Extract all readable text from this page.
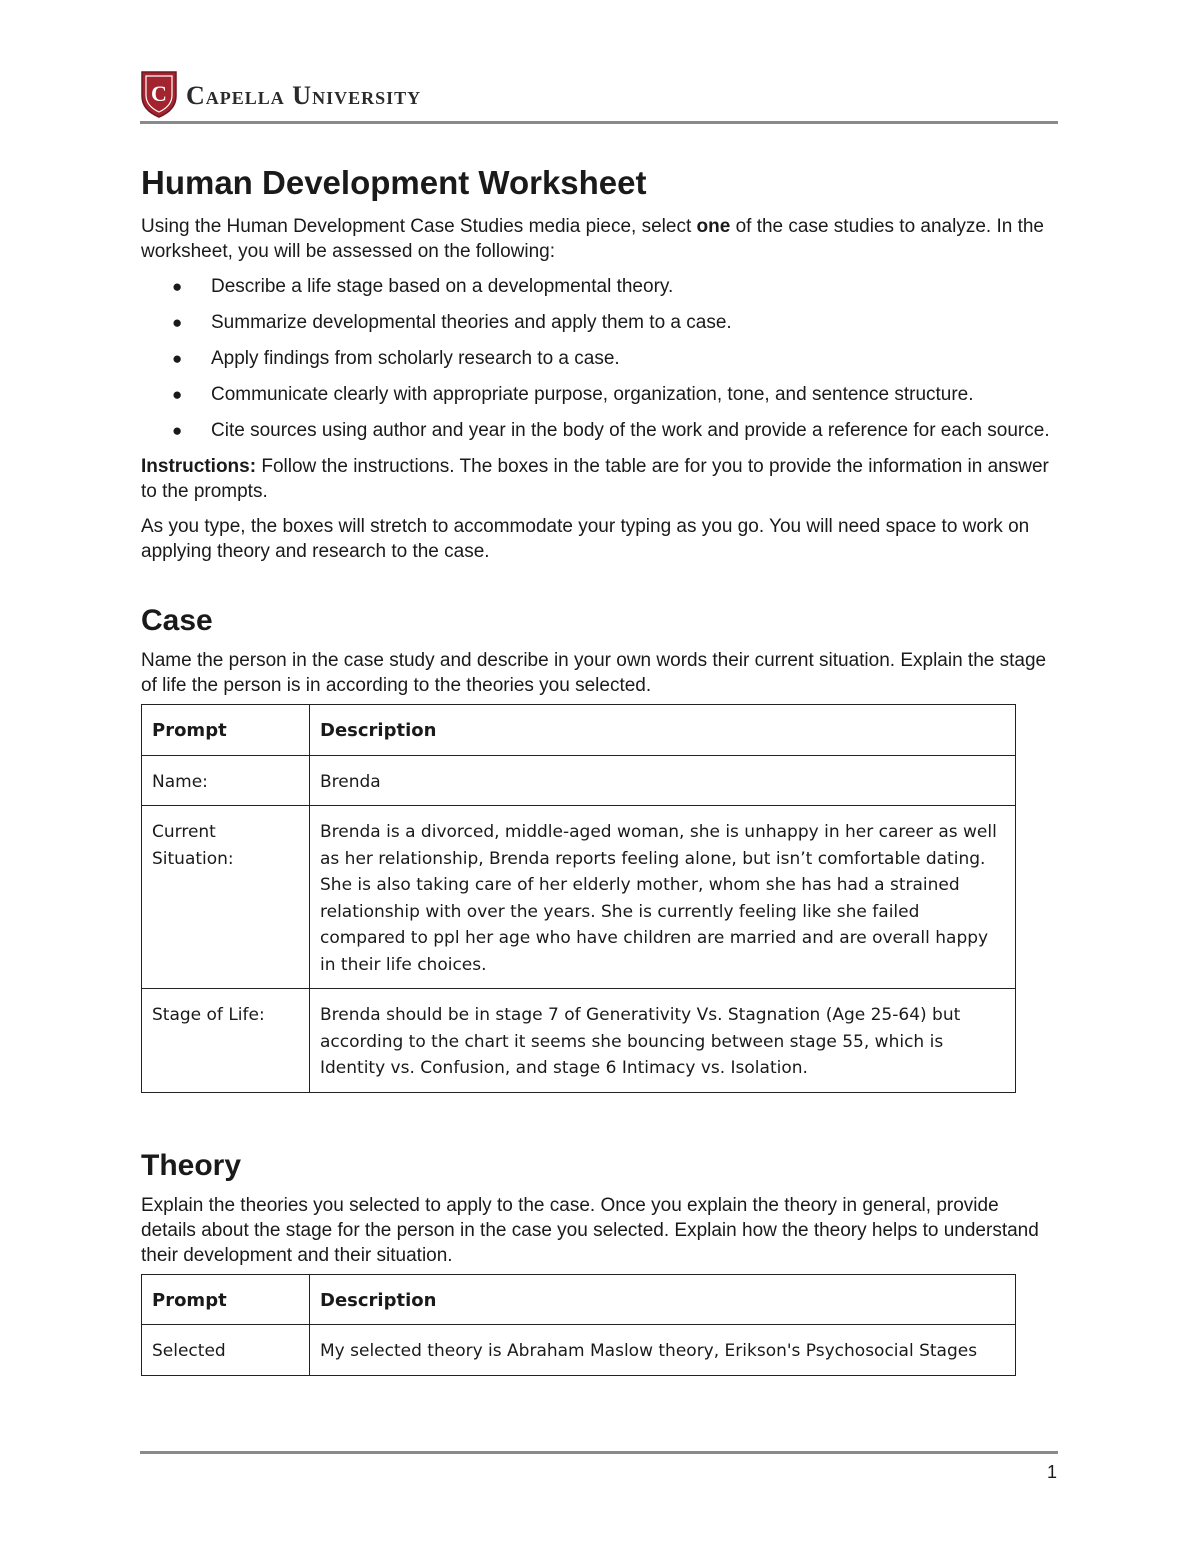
C Capella University
Human Development Worksheet

Using the Human Development Case Studies media piece, select one of the case studies to analyze. In the worksheet, you will be assessed on the following:

● Describe a life stage based on a developmental theory.
● Summarize developmental theories and apply them to a case.
● Apply findings from scholarly research to a case.
● Communicate clearly with appropriate purpose, organization, tone, and sentence structure.
● Cite sources using author and year in the body of the work and provide a reference for each source.

Instructions: Follow the instructions. The boxes in the table are for you to provide the information in answer to the prompts.

As you type, the boxes will stretch to accommodate your typing as you go. You will need space to work on applying theory and research to the case.

Case

Name the person in the case study and describe in your own words their current situation. Explain the stage of life the person is in according to the theories you selected.

Prompt	Description
Name:	Brenda
Current Situation:	Brenda is a divorced, middle-aged woman, she is unhappy in her career as well as her relationship, Brenda reports feeling alone, but isn’t comfortable dating. She is also taking care of her elderly mother, whom she has had a strained relationship with over the years. She is currently feeling like she failed compared to ppl her age who have children are married and are overall happy in their life choices.
Stage of Life:	Brenda should be in stage 7 of Generativity Vs. Stagnation (Age 25-64) but according to the chart it seems she bouncing between stage 55, which is Identity vs. Confusion, and stage 6 Intimacy vs. Isolation.
Theory

Explain the theories you selected to apply to the case. Once you explain the theory in general, provide details about the stage for the person in the case you selected. Explain how the theory helps to understand their development and their situation.

Prompt	Description
Selected	My selected theory is Abraham Maslow theory, Erikson's Psychosocial Stages
1
